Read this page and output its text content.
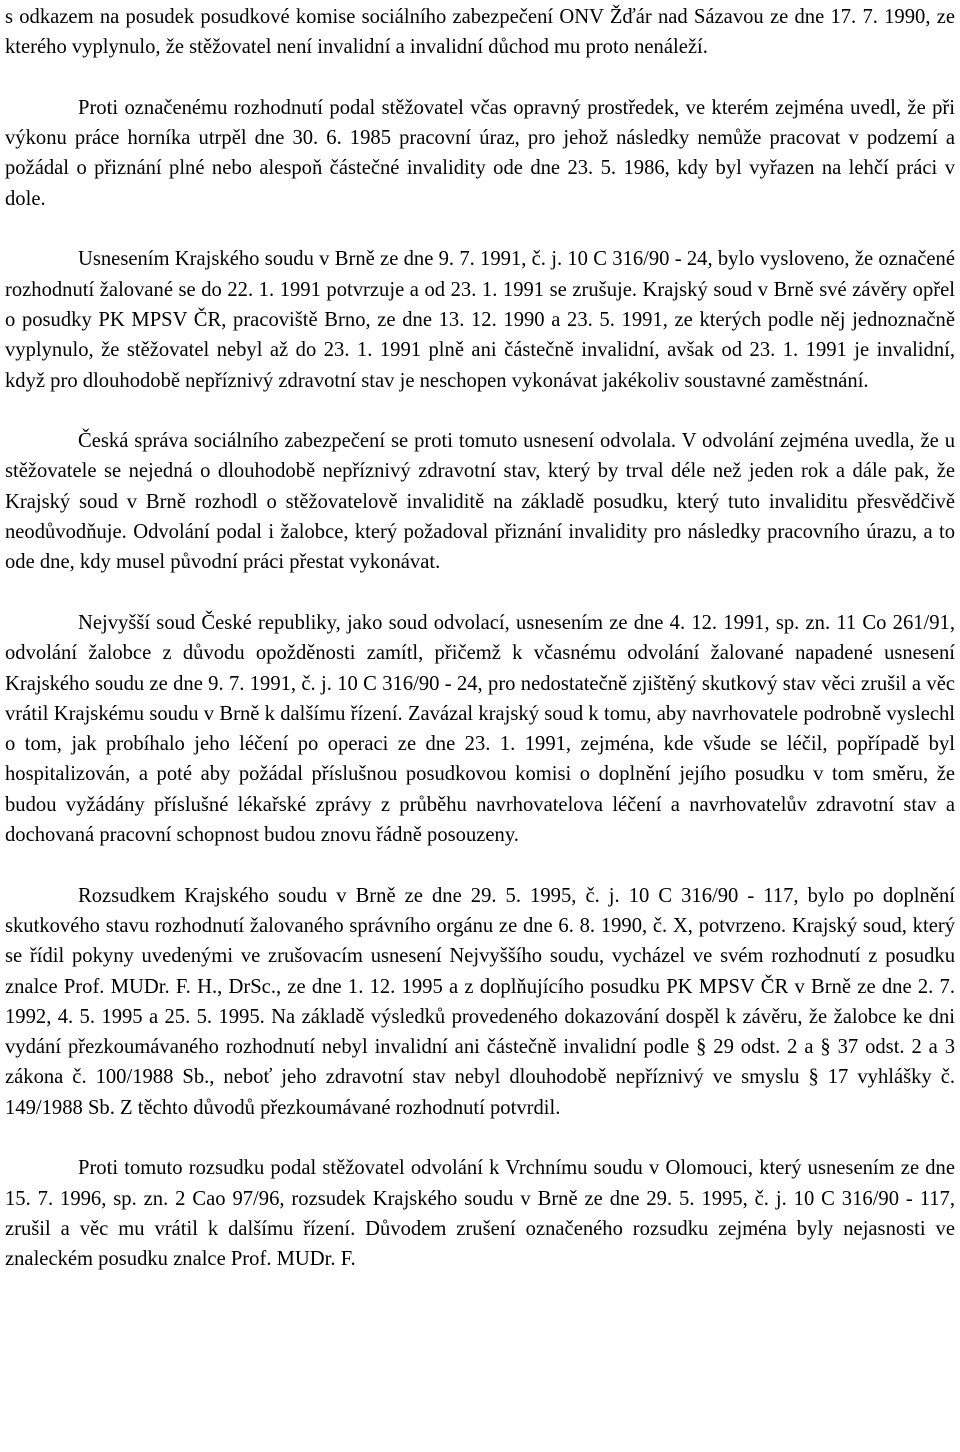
s odkazem na posudek posudkové komise sociálního zabezpečení ONV Žďár nad Sázavou ze dne 17. 7. 1990, ze kterého vyplynulo, že stěžovatel není invalidní a invalidní důchod mu proto nenáleží.

Proti označenému rozhodnutí podal stěžovatel včas opravný prostředek, ve kterém zejména uvedl, že při výkonu práce horníka utrpěl dne 30. 6. 1985 pracovní úraz, pro jehož následky nemůže pracovat v podzemí a požádal o přiznání plné nebo alespoň částečné invalidity ode dne 23. 5. 1986, kdy byl vyřazen na lehčí práci v dole.

Usnesením Krajského soudu v Brně ze dne 9. 7. 1991, č. j. 10 C 316/90 - 24, bylo vysloveno, že označené rozhodnutí žalované se do 22. 1. 1991 potvrzuje a od 23. 1. 1991 se zrušuje. Krajský soud v Brně své závěry opřel o posudky PK MPSV ČR, pracoviště Brno, ze dne 13. 12. 1990 a 23. 5. 1991, ze kterých podle něj jednoznačně vyplynulo, že stěžovatel nebyl až do 23. 1. 1991 plně ani částečně invalidní, avšak od 23. 1. 1991 je invalidní, když pro dlouhodobě nepříznivý zdravotní stav je neschopen vykonávat jakékoliv soustavné zaměstnání.

Česká správa sociálního zabezpečení se proti tomuto usnesení odvolala. V odvolání zejména uvedla, že u stěžovatele se nejedná o dlouhodobě nepříznivý zdravotní stav, který by trval déle než jeden rok a dále pak, že Krajský soud v Brně rozhodl o stěžovatelově invaliditě na základě posudku, který tuto invaliditu přesvědčivě neodůvodňuje. Odvolání podal i žalobce, který požadoval přiznání invalidity pro následky pracovního úrazu, a to ode dne, kdy musel původní práci přestat vykonávat.

Nejvyšší soud České republiky, jako soud odvolací, usnesením ze dne 4. 12. 1991, sp. zn. 11 Co 261/91, odvolání žalobce z důvodu opožděnosti zamítl, přičemž k včasnému odvolání žalované napadené usnesení Krajského soudu ze dne 9. 7. 1991, č. j. 10 C 316/90 - 24, pro nedostatečně zjištěný skutkový stav věci zrušil a věc vrátil Krajskému soudu v Brně k dalšímu řízení. Zavázal krajský soud k tomu, aby navrhovatele podrobně vyslechl o tom, jak probíhalo jeho léčení po operaci ze dne 23. 1. 1991, zejména, kde všude se léčil, popřípadě byl hospitalizován, a poté aby požádal příslušnou posudkovou komisi o doplnění jejího posudku v tom směru, že budou vyžádány příslušné lékařské zprávy z průběhu navrhovatelova léčení a navrhovatelův zdravotní stav a dochovaná pracovní schopnost budou znovu řádně posouzeny.

Rozsudkem Krajského soudu v Brně ze dne 29. 5. 1995, č. j. 10 C 316/90 - 117, bylo po doplnění skutkového stavu rozhodnutí žalovaného správního orgánu ze dne 6. 8. 1990, č. X, potvrzeno. Krajský soud, který se řídil pokyny uvedenými ve zrušovacím usnesení Nejvyššího soudu, vycházel ve svém rozhodnutí z posudku znalce Prof. MUDr. F. H., DrSc., ze dne 1. 12. 1995 a z doplňujícího posudku PK MPSV ČR v Brně ze dne 2. 7. 1992, 4. 5. 1995 a 25. 5. 1995. Na základě výsledků provedeného dokazování dospěl k závěru, že žalobce ke dni vydání přezkoumávaného rozhodnutí nebyl invalidní ani částečně invalidní podle § 29 odst. 2 a § 37 odst. 2 a 3 zákona č. 100/1988 Sb., neboť jeho zdravotní stav nebyl dlouhodobě nepříznivý ve smyslu § 17 vyhlášky č. 149/1988 Sb. Z těchto důvodů přezkoumávané rozhodnutí potvrdil.

Proti tomuto rozsudku podal stěžovatel odvolání k Vrchnímu soudu v Olomouci, který usnesením ze dne 15. 7. 1996, sp. zn. 2 Cao 97/96, rozsudek Krajského soudu v Brně ze dne 29. 5. 1995, č. j. 10 C 316/90 - 117, zrušil a věc mu vrátil k dalšímu řízení. Důvodem zrušení označeného rozsudku zejména byly nejasnosti ve znaleckém posudku znalce Prof. MUDr. F.
